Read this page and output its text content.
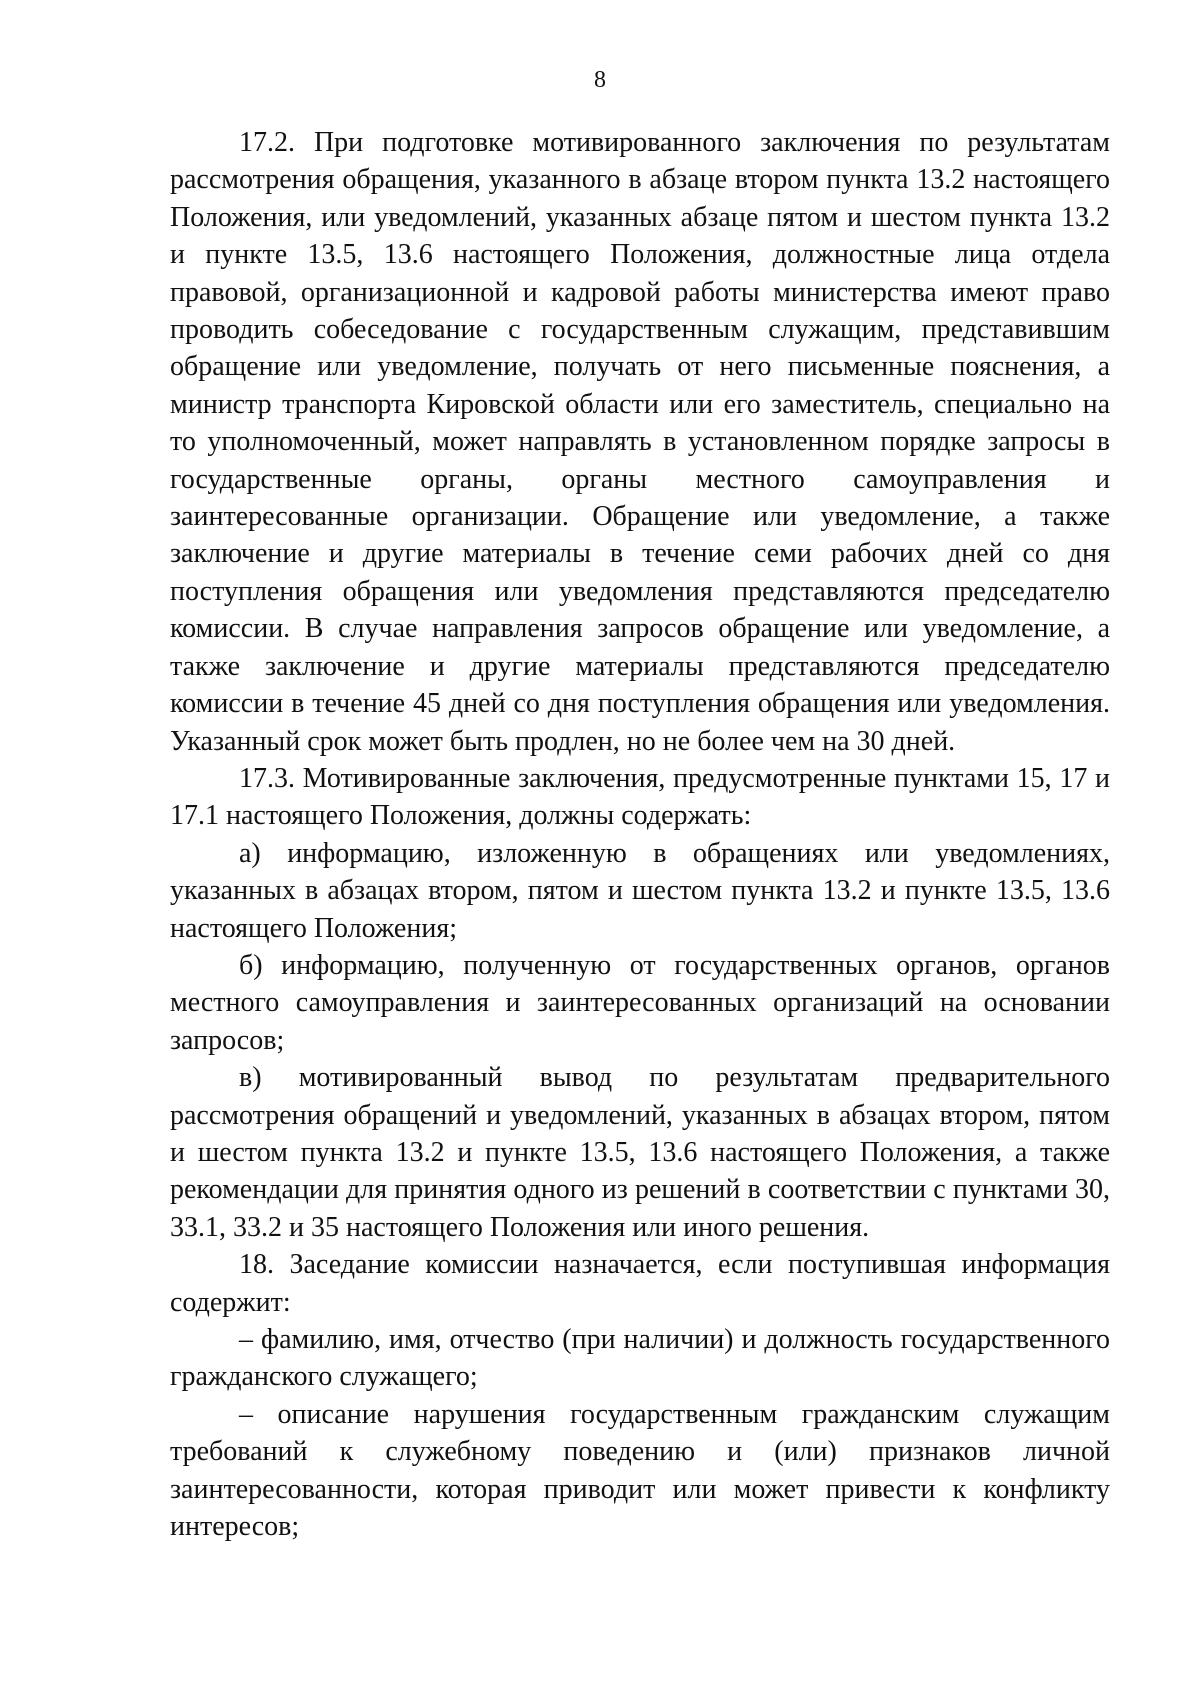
8

17.2. При подготовке мотивированного заключения по результатам рассмотрения обращения, указанного в абзаце втором пункта 13.2 настоящего Положения, или уведомлений, указанных абзаце пятом и шестом пункта 13.2 и пункте 13.5, 13.6 настоящего Положения, должностные лица отдела правовой, организационной и кадровой работы министерства имеют право проводить собеседование с государственным служащим, представившим обращение или уведомление, получать от него письменные пояснения, а министр транспорта Кировской области или его заместитель, специально на то уполномоченный, может направлять в установленном порядке запросы в государственные органы, органы местного самоуправления и заинтересованные организации. Обращение или уведомление, а также заключение и другие материалы в течение семи рабочих дней со дня поступления обращения или уведомления представляются председателю комиссии. В случае направления запросов обращение или уведомление, а также заключение и другие материалы представляются председателю комиссии в течение 45 дней со дня поступления обращения или уведомления. Указанный срок может быть продлен, но не более чем на 30 дней.

17.3. Мотивированные заключения, предусмотренные пунктами 15, 17 и 17.1 настоящего Положения, должны содержать:

а) информацию, изложенную в обращениях или уведомлениях, указанных в абзацах втором, пятом и шестом пункта 13.2 и пункте 13.5, 13.6 настоящего Положения;

б) информацию, полученную от государственных органов, органов местного самоуправления и заинтересованных организаций на основании запросов;

в) мотивированный вывод по результатам предварительного рассмотрения обращений и уведомлений, указанных в абзацах втором, пятом и шестом пункта 13.2 и пункте 13.5, 13.6 настоящего Положения, а также рекомендации для принятия одного из решений в соответствии с пунктами 30, 33.1, 33.2 и 35 настоящего Положения или иного решения.

18. Заседание комиссии назначается, если поступившая информация содержит:

– фамилию, имя, отчество (при наличии) и должность государственного гражданского служащего;

– описание нарушения государственным гражданским служащим требований к служебному поведению и (или) признаков личной заинтересованности, которая приводит или может привести к конфликту интересов;
